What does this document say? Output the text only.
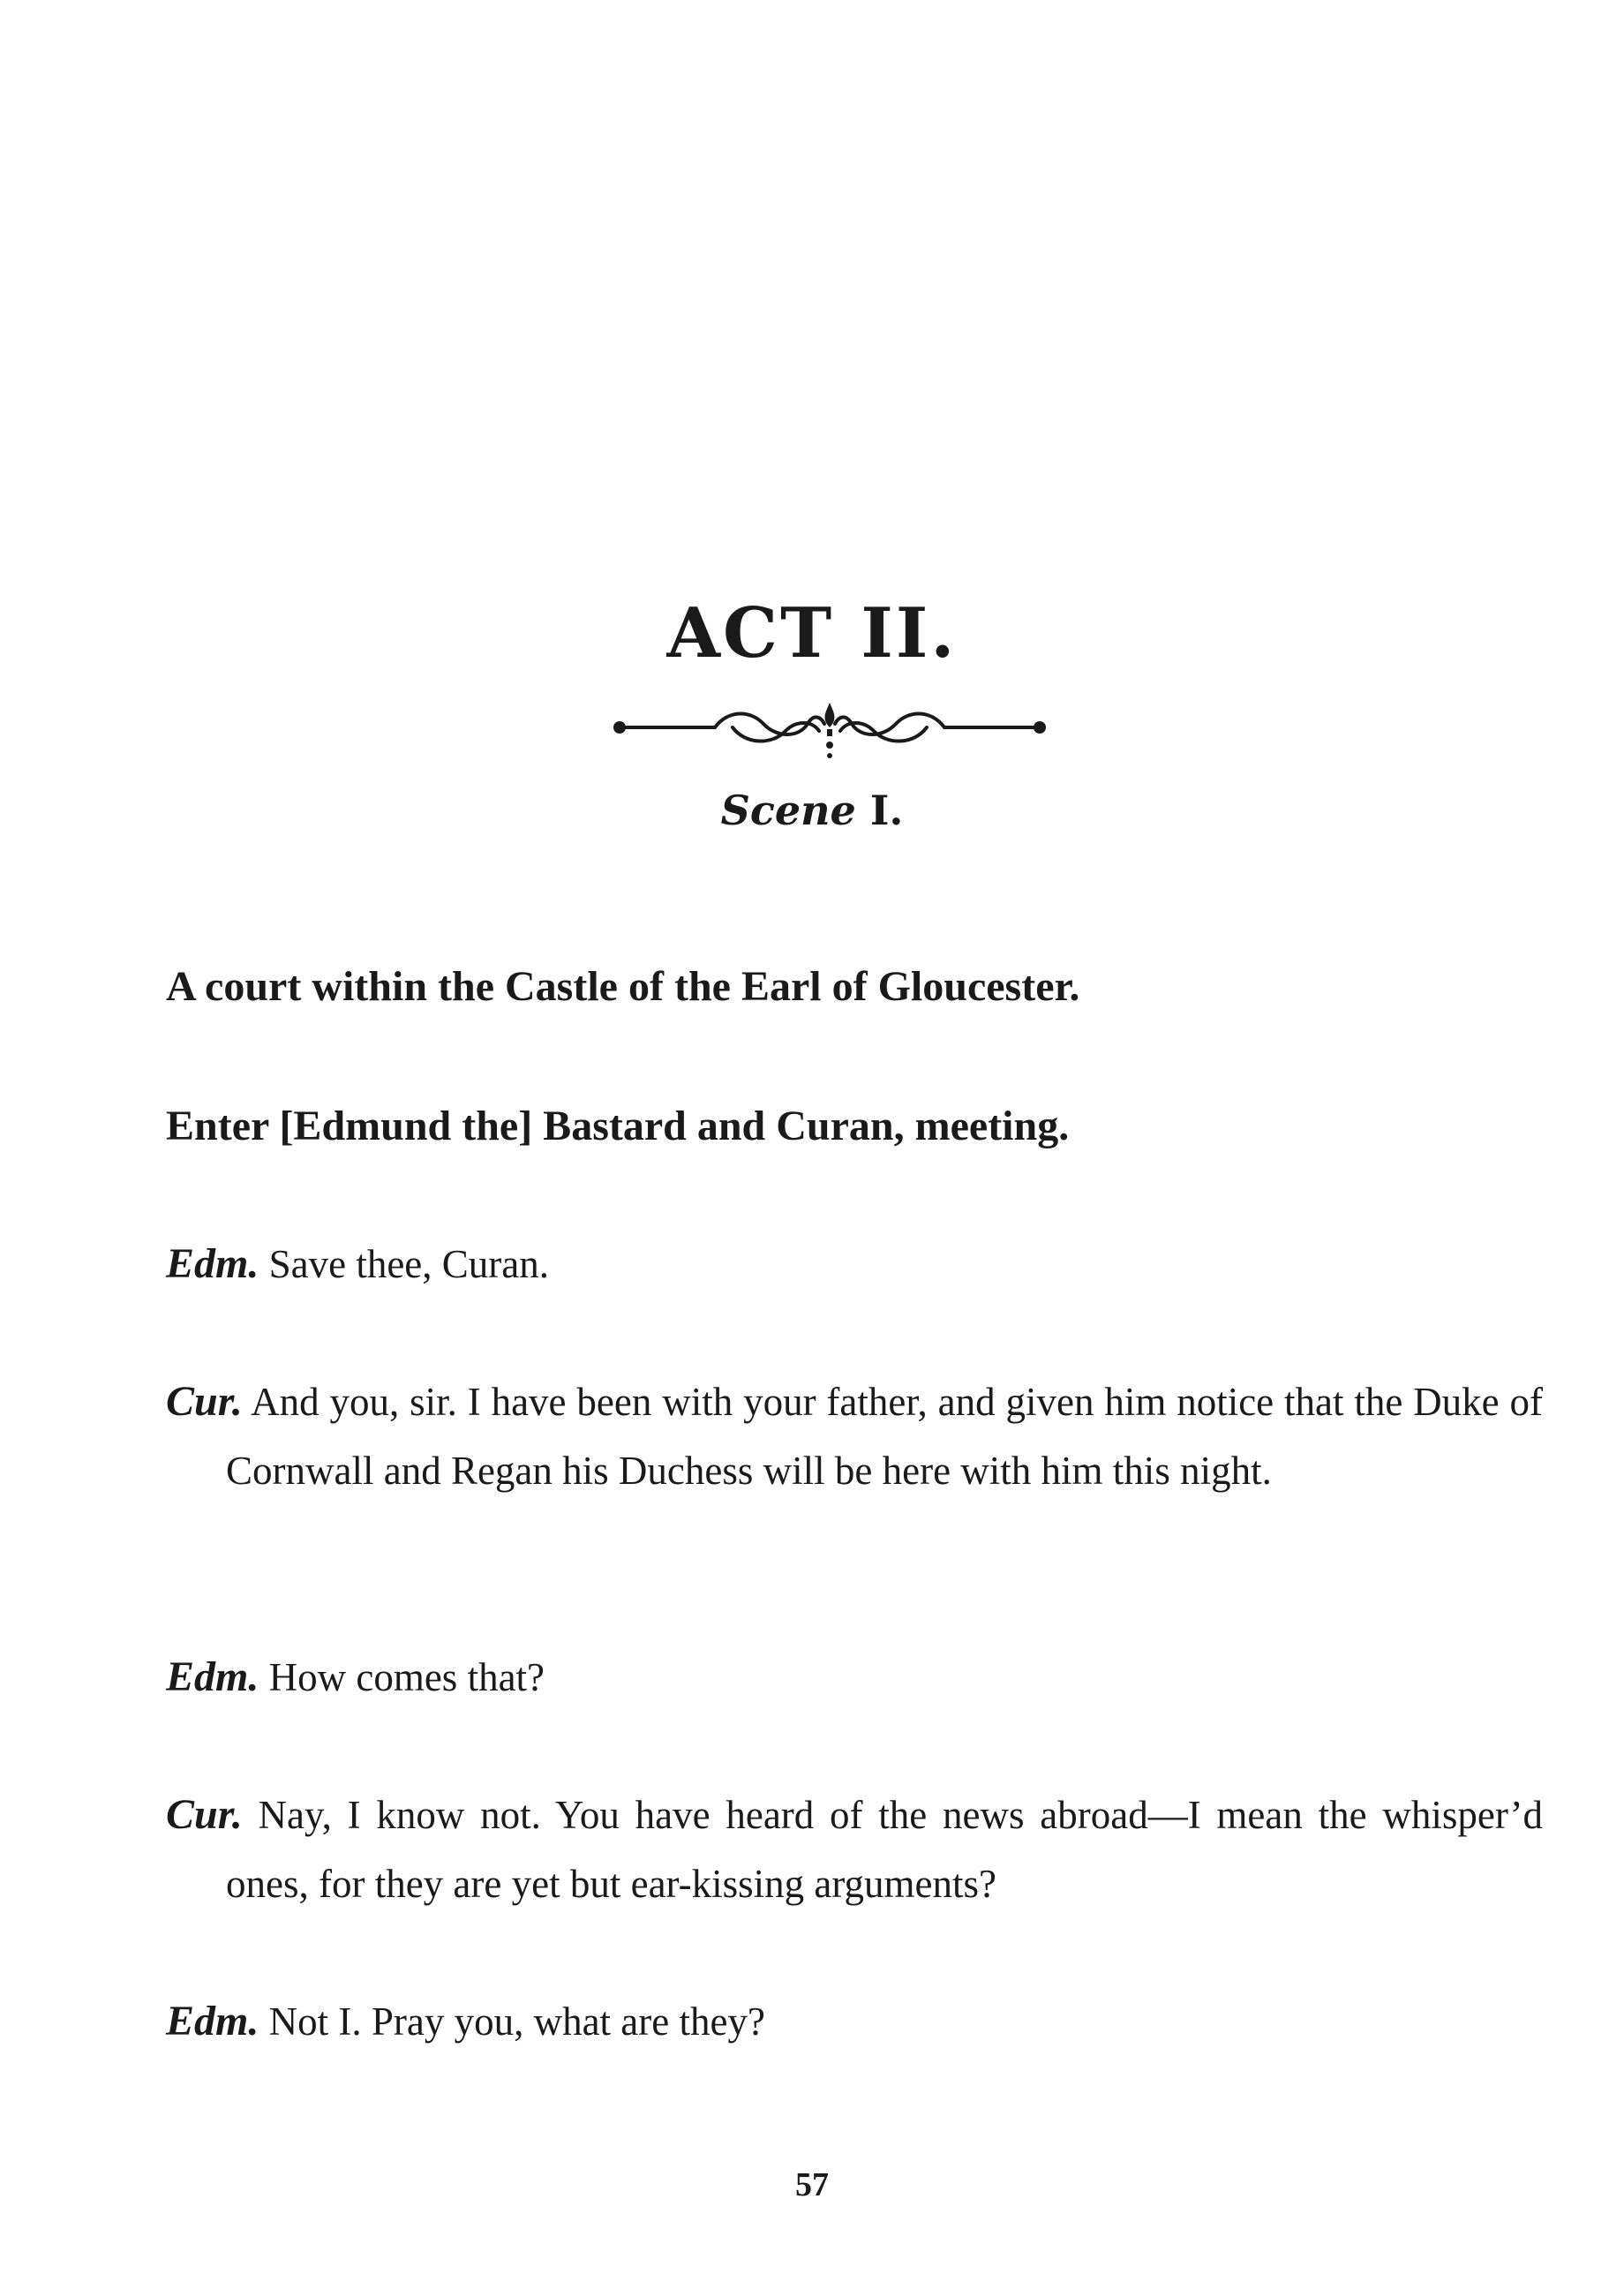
ACT II.
Scene I.

A court within the Castle of the Earl of Gloucester.

Enter [Edmund the] Bastard and Curan, meeting.

Edm. Save thee, Curan.

Cur. And you, sir. I have been with your father, and given him notice that the Duke of Cornwall and Regan his Duchess will be here with him this night.

Edm. How comes that?

Cur. Nay, I know not. You have heard of the news abroad—I mean the whisper’d ones, for they are yet but ear-kissing arguments?

Edm. Not I. Pray you, what are they?

57
